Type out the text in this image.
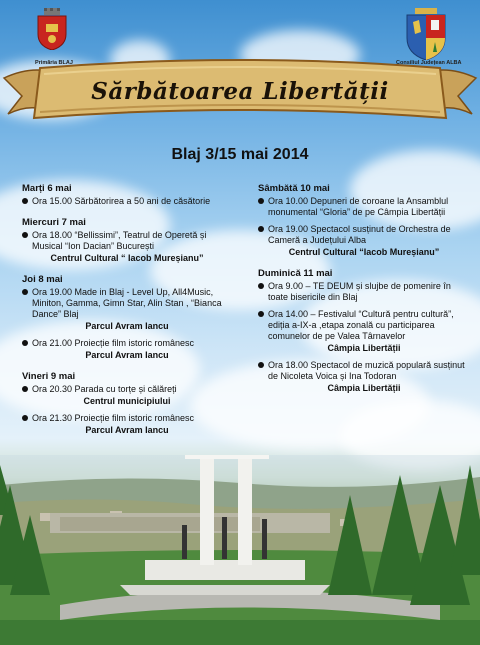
Primăria BLAJ	Consiliul Județean ALBA
Sărbătoarea Libertății
Blaj 3/15 mai 2014
Marți 6 mai
Ora 15.00 Sărbătorirea a 50 ani de căsătorie
Miercuri 7 mai
Ora 18.00 “Bellissimi”, Teatrul de Operetă și Musical “Ion Dacian” București
Centrul Cultural “ Iacob Mureșianu”
Joi 8 mai
Ora 19.00 Made in Blaj - Level Up, All4Music, Miniton, Gamma, Gimn Star, Alin Stan , “Bianca Dance” Blaj
Parcul Avram Iancu
Ora 21.00 Proiecție film istoric românesc
Parcul Avram Iancu
Vineri 9 mai
Ora 20.30 Parada cu torțe și călăreți
Centrul municipiului
Ora 21.30 Proiecție film istoric românesc
Parcul Avram Iancu
Sâmbătă 10 mai
Ora 10.00 Depuneri de coroane la Ansamblul monumental “Gloria” de pe Câmpia Libertății
Ora 19.00 Spectacol susținut de Orchestra de Cameră a Județului Alba
Centrul Cultural “Iacob Mureșianu”
Duminică 11 mai
Ora 9.00 – TE DEUM și slujbe de pomenire în toate bisericile din Blaj
Ora 14.00 – Festivalul “Cultură pentru cultură”, ediția a-IX-a ,etapa zonală cu participarea comunelor de pe Valea Târnavelor
Câmpia Libertății
Ora 18.00 Spectacol de muzică populară susținut de Nicoleta Voica și Ina Todoran
Câmpia Libertății
